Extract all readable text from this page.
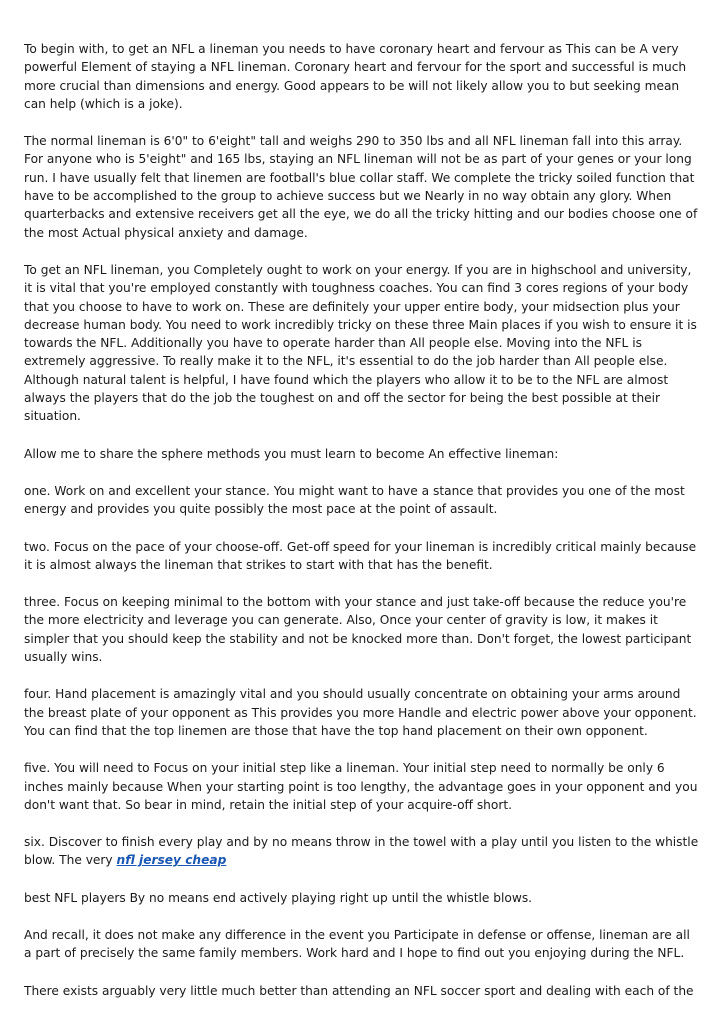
To begin with, to get an NFL a lineman you needs to have coronary heart and fervour as This can be A very powerful Element of staying a NFL lineman. Coronary heart and fervour for the sport and successful is much more crucial than dimensions and energy. Good appears to be will not likely allow you to but seeking mean can help (which is a joke).

The normal lineman is 6'0" to 6'eight" tall and weighs 290 to 350 lbs and all NFL lineman fall into this array. For anyone who is 5'eight" and 165 lbs, staying an NFL lineman will not be as part of your genes or your long run. I have usually felt that linemen are football's blue collar staff. We complete the tricky soiled function that have to be accomplished to the group to achieve success but we Nearly in no way obtain any glory. When quarterbacks and extensive receivers get all the eye, we do all the tricky hitting and our bodies choose one of the most Actual physical anxiety and damage.

To get an NFL lineman, you Completely ought to work on your energy. If you are in highschool and university, it is vital that you're employed constantly with toughness coaches. You can find 3 cores regions of your body that you choose to have to work on. These are definitely your upper entire body, your midsection plus your decrease human body. You need to work incredibly tricky on these three Main places if you wish to ensure it is towards the NFL. Additionally you have to operate harder than All people else. Moving into the NFL is extremely aggressive. To really make it to the NFL, it's essential to do the job harder than All people else. Although natural talent is helpful, I have found which the players who allow it to be to the NFL are almost always the players that do the job the toughest on and off the sector for being the best possible at their situation.

Allow me to share the sphere methods you must learn to become An effective lineman:

one. Work on and excellent your stance. You might want to have a stance that provides you one of the most energy and provides you quite possibly the most pace at the point of assault.

two. Focus on the pace of your choose-off. Get-off speed for your lineman is incredibly critical mainly because it is almost always the lineman that strikes to start with that has the benefit.

three. Focus on keeping minimal to the bottom with your stance and just take-off because the reduce you're the more electricity and leverage you can generate. Also, Once your center of gravity is low, it makes it simpler that you should keep the stability and not be knocked more than. Don't forget, the lowest participant usually wins.

four. Hand placement is amazingly vital and you should usually concentrate on obtaining your arms around the breast plate of your opponent as This provides you more Handle and electric power above your opponent. You can find that the top linemen are those that have the top hand placement on their own opponent.

five. You will need to Focus on your initial step like a lineman. Your initial step need to normally be only 6 inches mainly because When your starting point is too lengthy, the advantage goes in your opponent and you don't want that. So bear in mind, retain the initial step of your acquire-off short.

six. Discover to finish every play and by no means throw in the towel with a play until you listen to the whistle blow. The very nfl jersey cheap

best NFL players By no means end actively playing right up until the whistle blows.

And recall, it does not make any difference in the event you Participate in defense or offense, lineman are all a part of precisely the same family members. Work hard and I hope to find out you enjoying during the NFL.

There exists arguably very little much better than attending an NFL soccer sport and dealing with each of the
